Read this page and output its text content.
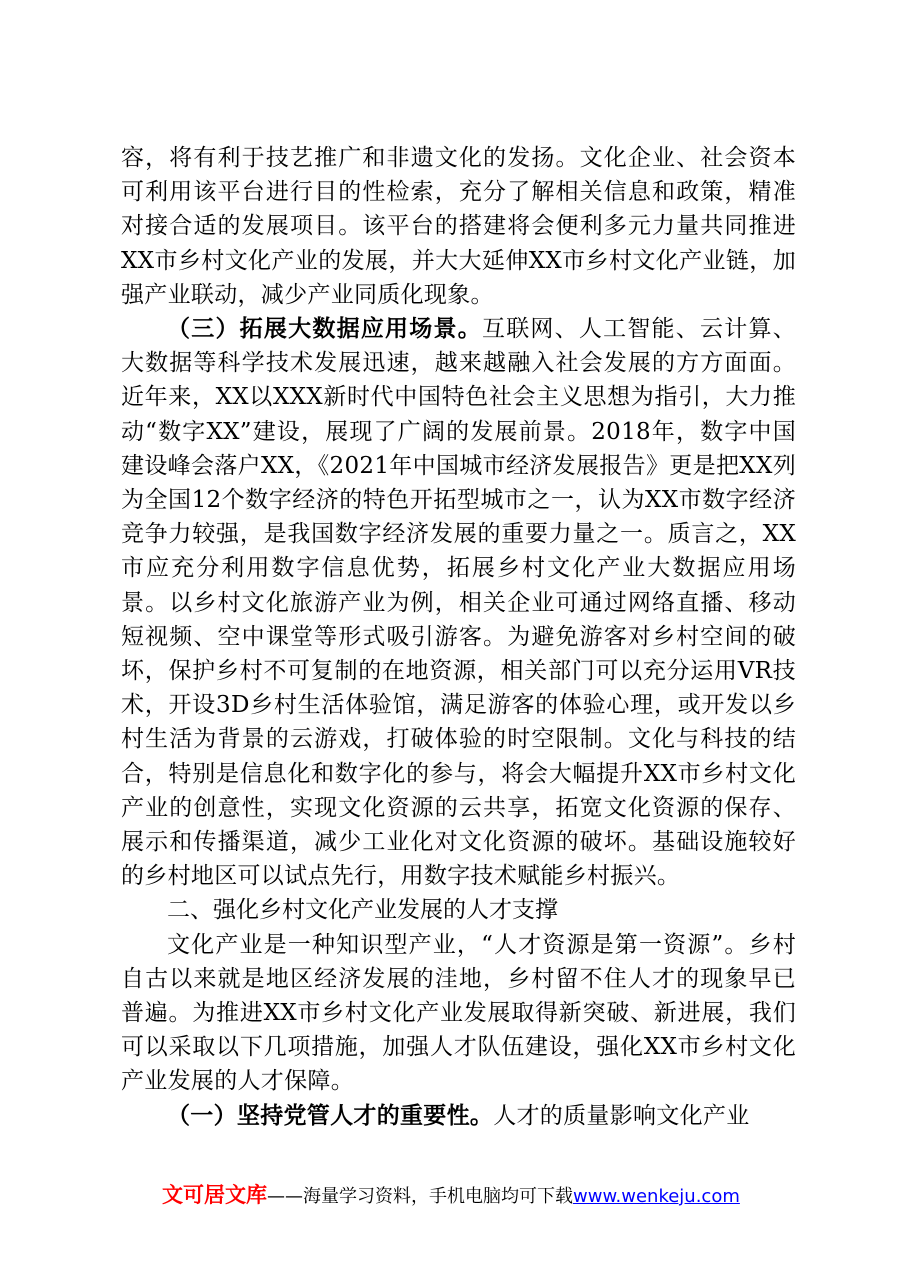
容，将有利于技艺推广和非遗文化的发扬。文化企业、社会资本可利用该平台进行目的性检索，充分了解相关信息和政策，精准对接合适的发展项目。该平台的搭建将会便利多元力量共同推进XX市乡村文化产业的发展，并大大延伸XX市乡村文化产业链，加强产业联动，减少产业同质化现象。

（三）拓展大数据应用场景。互联网、人工智能、云计算、大数据等科学技术发展迅速，越来越融入社会发展的方方面面。近年来，XX以XXX新时代中国特色社会主义思想为指引，大力推动“数字XX”建设，展现了广阔的发展前景。2018年，数字中国建设峰会落户XX，《2021年中国城市经济发展报告》更是把XX列为全国12个数字经济的特色开拓型城市之一，认为XX市数字经济竞争力较强，是我国数字经济发展的重要力量之一。质言之，XX市应充分利用数字信息优势，拓展乡村文化产业大数据应用场景。以乡村文化旅游产业为例，相关企业可通过网络直播、移动短视频、空中课堂等形式吸引游客。为避免游客对乡村空间的破坏，保护乡村不可复制的在地资源，相关部门可以充分运用VR技术，开设3D乡村生活体验馆，满足游客的体验心理，或开发以乡村生活为背景的云游戏，打破体验的时空限制。文化与科技的结合，特别是信息化和数字化的参与，将会大幅提升XX市乡村文化产业的创意性，实现文化资源的云共享，拓宽文化资源的保存、展示和传播渠道，减少工业化对文化资源的破坏。基础设施较好的乡村地区可以试点先行，用数字技术赋能乡村振兴。

二、强化乡村文化产业发展的人才支撑

文化产业是一种知识型产业，“人才资源是第一资源”。乡村自古以来就是地区经济发展的洼地，乡村留不住人才的现象早已普遍。为推进XX市乡村文化产业发展取得新突破、新进展，我们可以采取以下几项措施，加强人才队伍建设，强化XX市乡村文化产业发展的人才保障。

（一）坚持党管人才的重要性。人才的质量影响文化产业

文可居文库——海量学习资料，手机电脑均可下载www.wenkeju.com
